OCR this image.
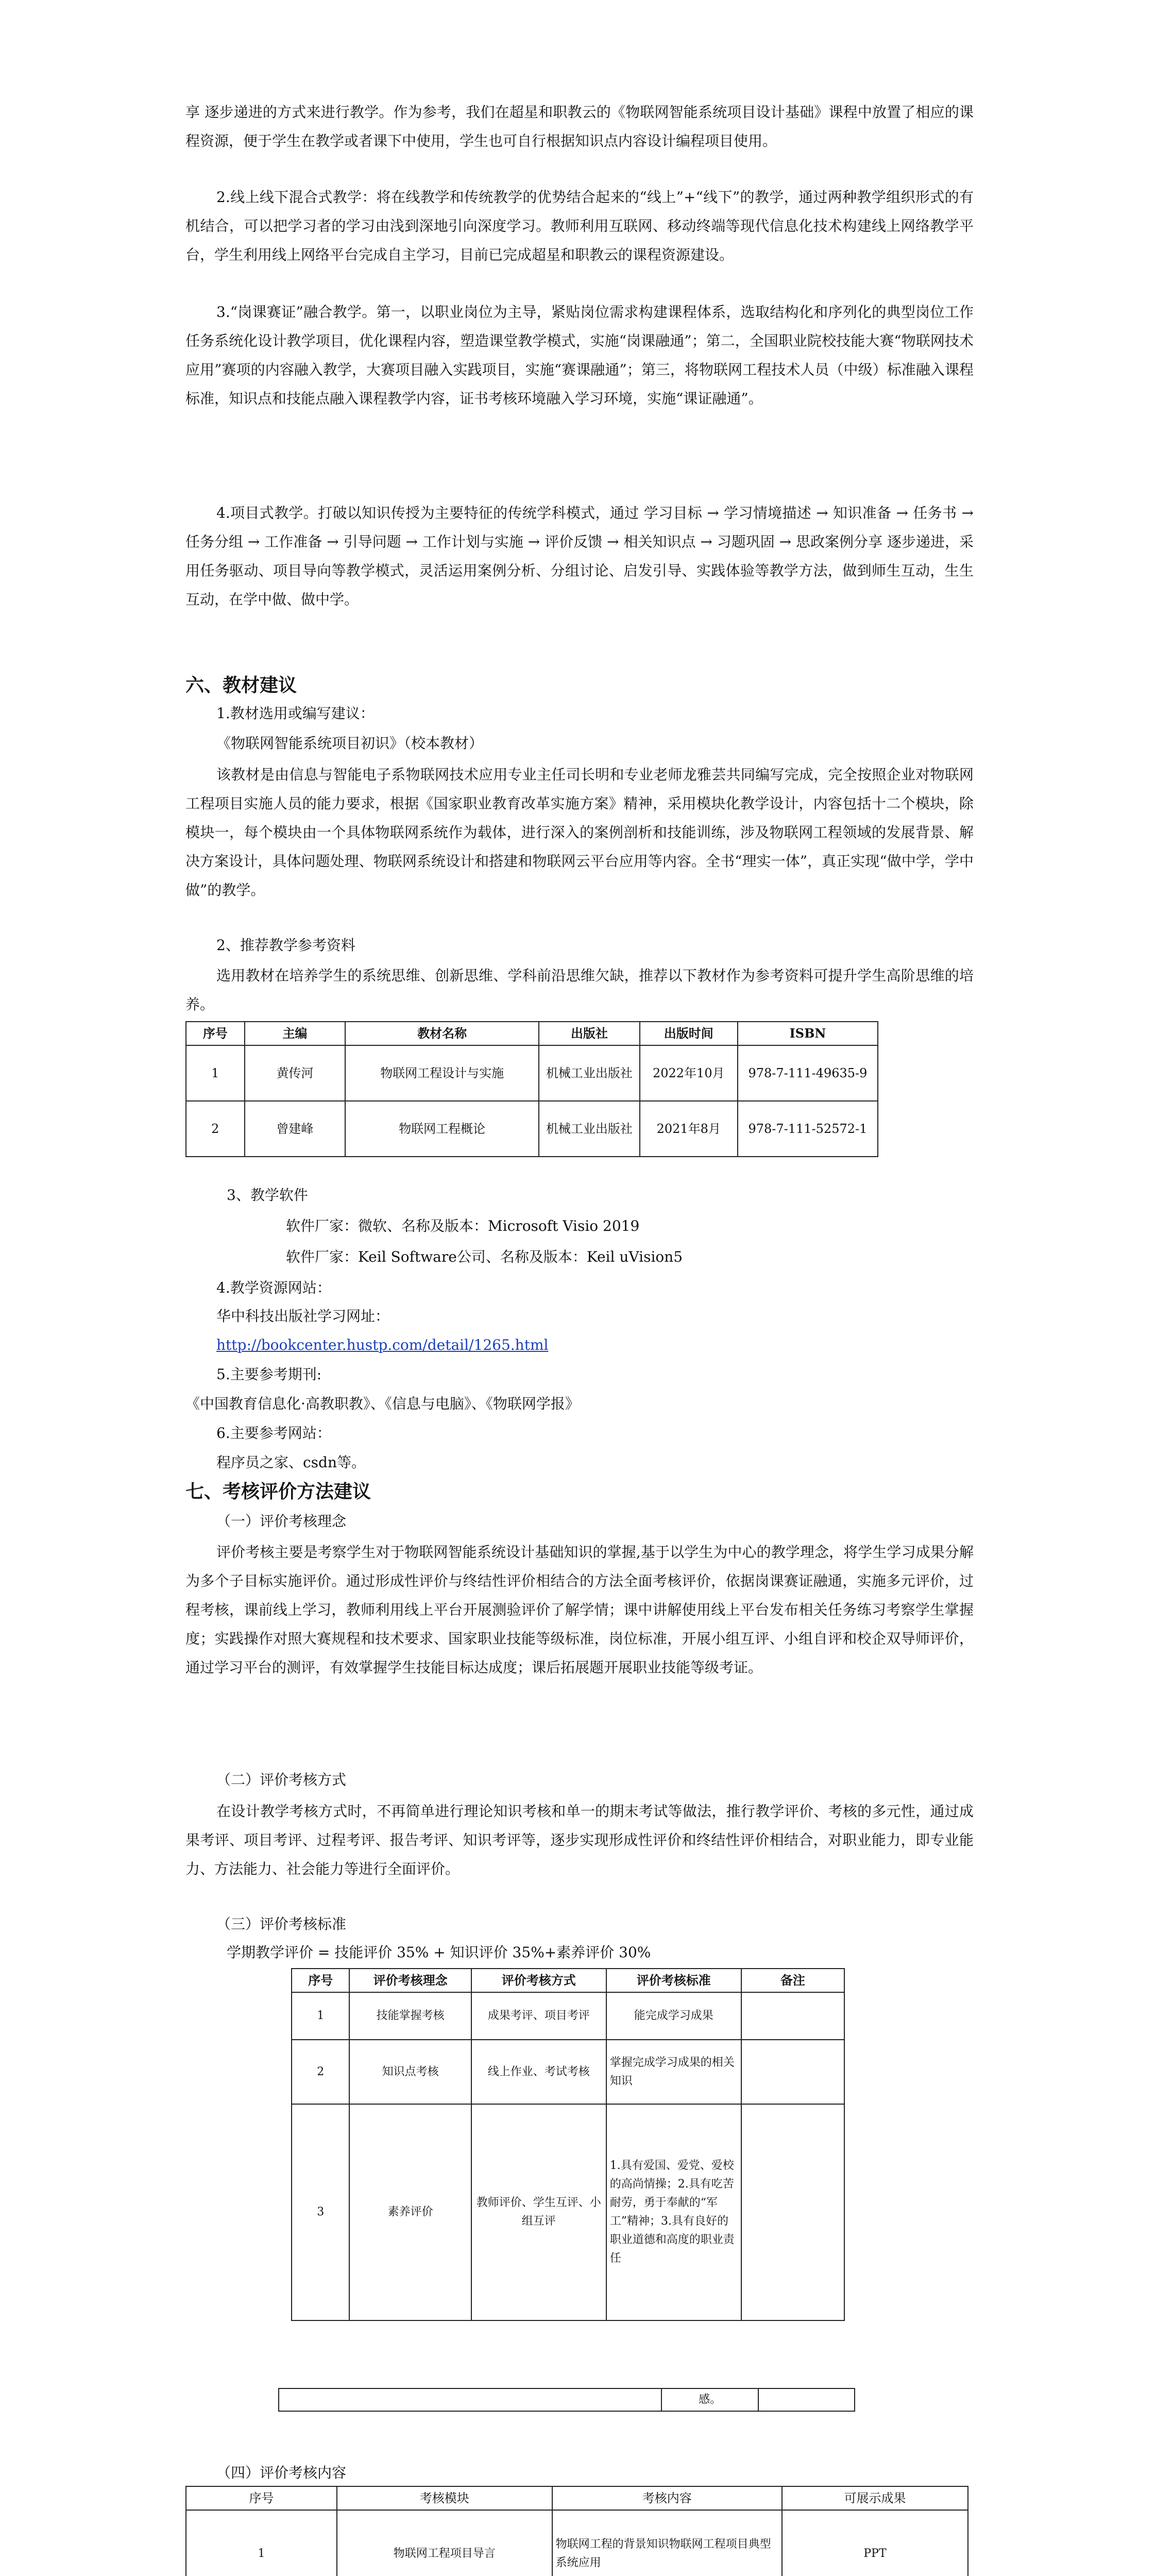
享 逐步递进的方式来进行教学。作为参考，我们在超星和职教云的《物联网智能系统项目设计基础》课程中放置了相应的课程资源，便于学生在教学或者课下中使用，学生也可自行根据知识点内容设计编程项目使用。

2.线上线下混合式教学：将在线教学和传统教学的优势结合起来的“线上”+“线下”的教学，通过两种教学组织形式的有机结合，可以把学习者的学习由浅到深地引向深度学习。教师利用互联网、移动终端等现代信息化技术构建线上网络教学平台，学生利用线上网络平台完成自主学习，目前已完成超星和职教云的课程资源建设。

3.“岗课赛证”融合教学。第一，以职业岗位为主导，紧贴岗位需求构建课程体系，选取结构化和序列化的典型岗位工作任务系统化设计教学项目，优化课程内容，塑造课堂教学模式，实施“岗课融通”；第二，全国职业院校技能大赛“物联网技术应用”赛项的内容融入教学，大赛项目融入实践项目，实施“赛课融通”；第三，将物联网工程技术人员（中级）标准融入课程标准，知识点和技能点融入课程教学内容，证书考核环境融入学习环境，实施“课证融通”。

4.项目式教学。打破以知识传授为主要特征的传统学科模式，通过 学习目标 → 学习情境描述 → 知识准备 → 任务书 → 任务分组 → 工作准备 → 引导问题 → 工作计划与实施 → 评价反馈 → 相关知识点 → 习题巩固 → 思政案例分享 逐步递进，采用任务驱动、项目导向等教学模式，灵活运用案例分析、分组讨论、启发引导、实践体验等教学方法，做到师生互动，生生互动，在学中做、做中学。

六、教材建议

1.教材选用或编写建议：

《物联网智能系统项目初识》（校本教材）

该教材是由信息与智能电子系物联网技术应用专业主任司长明和专业老师龙雅芸共同编写完成，完全按照企业对物联网工程项目实施人员的能力要求，根据《国家职业教育改革实施方案》精神，采用模块化教学设计，内容包括十二个模块，除模块一，每个模块由一个具体物联网系统作为载体，进行深入的案例剖析和技能训练，涉及物联网工程领域的发展背景、解决方案设计，具体问题处理、物联网系统设计和搭建和物联网云平台应用等内容。全书“理实一体”，真正实现“做中学，学中做”的教学。

2、推荐教学参考资料

选用教材在培养学生的系统思维、创新思维、学科前沿思维欠缺，推荐以下教材作为参考资料可提升学生高阶思维的培养。

序号	主编	教材名称	出版社	出版时间	ISBN
1	黄传河	物联网工程设计与实施	机械工业出版社	2022年10月	978-7-111-49635-9
2	曾建峰	物联网工程概论	机械工业出版社	2021年8月	978-7-111-52572-1

3、教学软件

软件厂家：微软、名称及版本：Microsoft Visio 2019

软件厂家：Keil Software公司、名称及版本：Keil uVision5

4.教学资源网站：

华中科技出版社学习网址：

http://bookcenter.hustp.com/detail/1265.html

5.主要参考期刊:

《中国教育信息化·高教职教》、《信息与电脑》、《物联网学报》

6.主要参考网站：

程序员之家、csdn等。

七、考核评价方法建议

（一）评价考核理念

评价考核主要是考察学生对于物联网智能系统设计基础知识的掌握,基于以学生为中心的教学理念，将学生学习成果分解为多个子目标实施评价。通过形成性评价与终结性评价相结合的方法全面考核评价，依据岗课赛证融通，实施多元评价，过程考核，课前线上学习，教师利用线上平台开展测验评价了解学情；课中讲解使用线上平台发布相关任务练习考察学生掌握度；实践操作对照大赛规程和技术要求、国家职业技能等级标准，岗位标准，开展小组互评、小组自评和校企双导师评价，通过学习平台的测评，有效掌握学生技能目标达成度；课后拓展题开展职业技能等级考证。

（二）评价考核方式

在设计教学考核方式时，不再简单进行理论知识考核和单一的期末考试等做法，推行教学评价、考核的多元性，通过成果考评、项目考评、过程考评、报告考评、知识考评等，逐步实现形成性评价和终结性评价相结合，对职业能力，即专业能力、方法能力、社会能力等进行全面评价。

（三）评价考核标准

学期教学评价 = 技能评价 35% + 知识评价 35%+素养评价 30%

序号	评价考核理念	评价考核方式	评价考核标准	备注
1	技能掌握考核	成果考评、项目考评	能完成学习成果	
2	知识点考核	线上作业、考试考核	掌握完成学习成果的相关知识	
3	素养评价	教师评价、学生互评、小组互评	1.具有爱国、爱党、爱校的高尚情操；2.具有吃苦耐劳，勇于奉献的“军工”精神；3.具有良好的职业道德和高度的职业责任	
	感。	

（四）评价考核内容

序号	考核模块	考核内容	可展示成果
1	物联网工程项目导言	物联网工程的背景知识物联网工程项目典型系统应用	PPT
